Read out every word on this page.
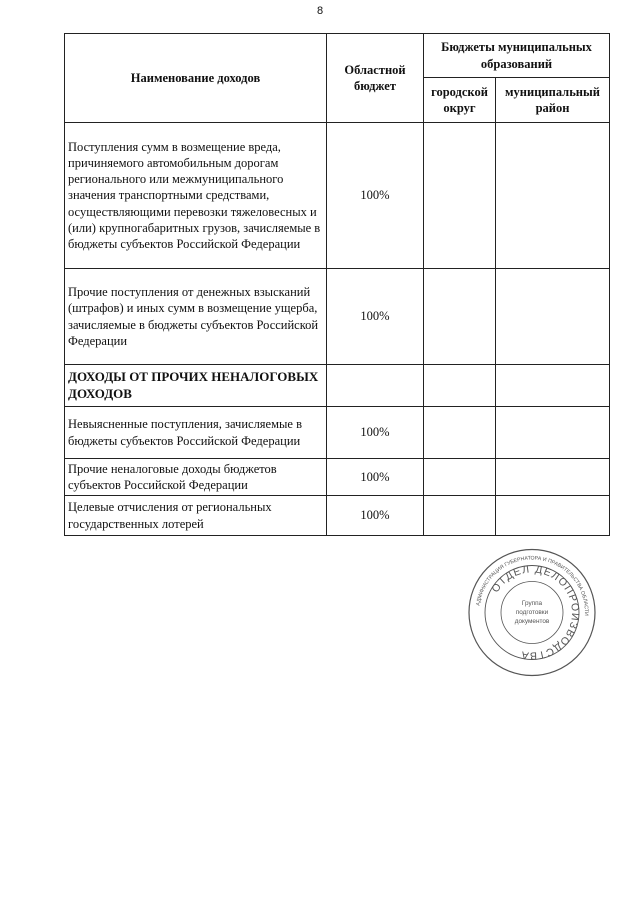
8
Наименование доходов	Областной бюджет	Бюджеты муниципальных образований	
		городской округ	муниципальный район
Поступления сумм в возмещение вреда, причиняемого автомобильным дорогам регионального или межмуниципального значения транспортными средствами, осуществляющими перевозки тяжеловесных и (или) крупногабаритных грузов, зачисляемые в бюджеты субъектов Российской Федерации	100%		
Прочие поступления от денежных взысканий (штрафов) и иных сумм в возмещение ущерба, зачисляемые в бюджеты субъектов Российской Федерации	100%		
ДОХОДЫ ОТ ПРОЧИХ НЕНАЛОГОВЫХ ДОХОДОВ			
Невыясненные поступления, зачисляемые в бюджеты субъектов Российской Федерации	100%		
Прочие неналоговые доходы бюджетов субъектов Российской Федерации	100%		
Целевые отчисления от региональных государственных лотерей	100%		
АДМИНИСТРАЦИЯ ГУБЕРНАТОРА И ПРАВИТЕЛЬСТВА ОБЛАСТИ
ОТДЕЛ ДЕЛОПРОИЗВОДСТВА
Группа
подготовки
документов
